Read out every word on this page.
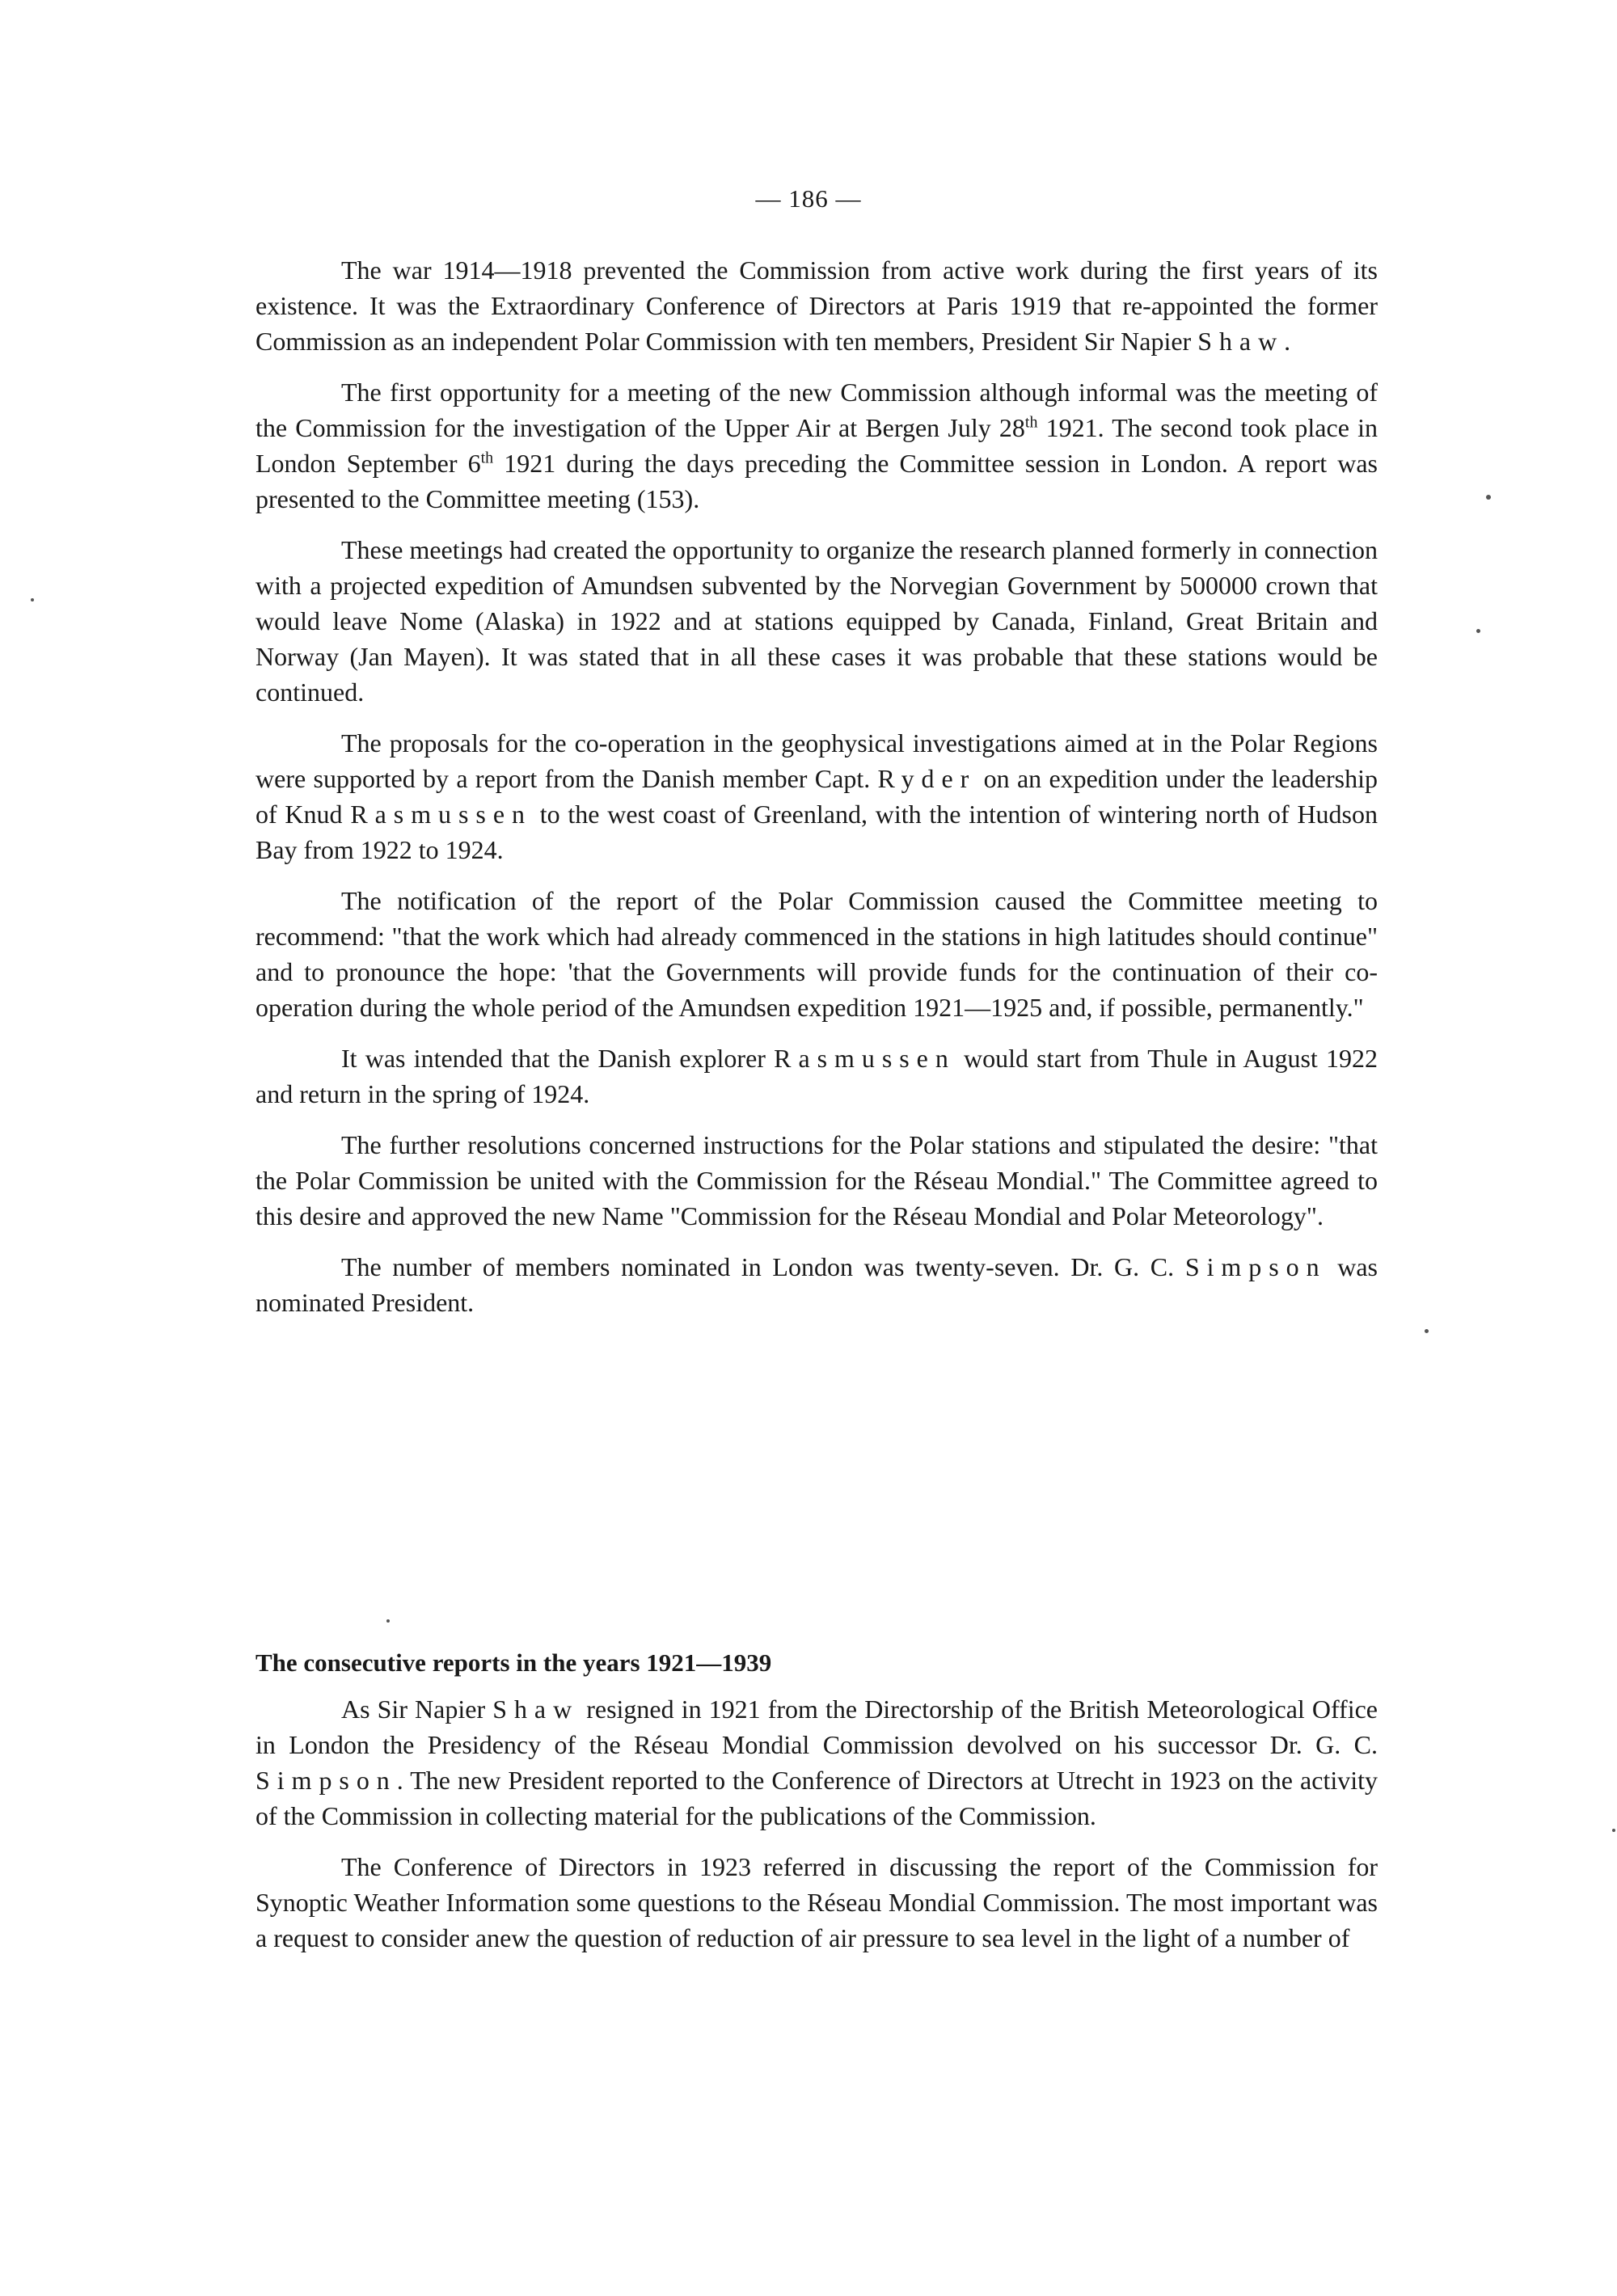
— 186 —

The war 1914—1918 prevented the Commission from active work during the first years of its existence. It was the Extraordinary Conference of Directors at Paris 1919 that re-appointed the former Commission as an independent Polar Commission with ten members, President Sir Napier Shaw.

The first opportunity for a meeting of the new Commission although informal was the meeting of the Commission for the investigation of the Upper Air at Bergen July 28th 1921. The second took place in London September 6th 1921 during the days preceding the Committee session in London. A report was presented to the Committee meeting (153).

These meetings had created the opportunity to organize the research planned formerly in connection with a projected expedition of Amundsen subvented by the Norvegian Government by 500000 crown that would leave Nome (Alaska) in 1922 and at stations equipped by Canada, Finland, Great Britain and Norway (Jan Mayen). It was stated that in all these cases it was probable that these stations would be continued.

The proposals for the co-operation in the geophysical investigations aimed at in the Polar Regions were supported by a report from the Danish member Capt. Ryder on an expedition under the leadership of Knud Rasmussen to the west coast of Greenland, with the intention of wintering north of Hudson Bay from 1922 to 1924.

The notification of the report of the Polar Commission caused the Committee meeting to recommend: "that the work which had already commenced in the stations in high latitudes should continue" and to pronounce the hope: 'that the Governments will provide funds for the continuation of their co-operation during the whole period of the Amundsen expedition 1921—1925 and, if possible, permanently."

It was intended that the Danish explorer Rasmussen would start from Thule in August 1922 and return in the spring of 1924.

The further resolutions concerned instructions for the Polar stations and stipulated the desire: "that the Polar Commission be united with the Commission for the Réseau Mondial." The Committee agreed to this desire and approved the new Name "Commission for the Réseau Mondial and Polar Meteorology".

The number of members nominated in London was twenty-seven. Dr. G. C. Simpson was nominated President.

The consecutive reports in the years 1921—1939

As Sir Napier Shaw resigned in 1921 from the Directorship of the British Meteorological Office in London the Presidency of the Réseau Mondial Commission devolved on his successor Dr. G. C. Simpson. The new President reported to the Conference of Directors at Utrecht in 1923 on the activity of the Commission in collecting material for the publications of the Commission.

The Conference of Directors in 1923 referred in discussing the report of the Commission for Synoptic Weather Information some questions to the Réseau Mondial Commission. The most important was a request to consider anew the question of reduction of air pressure to sea level in the light of a number of
